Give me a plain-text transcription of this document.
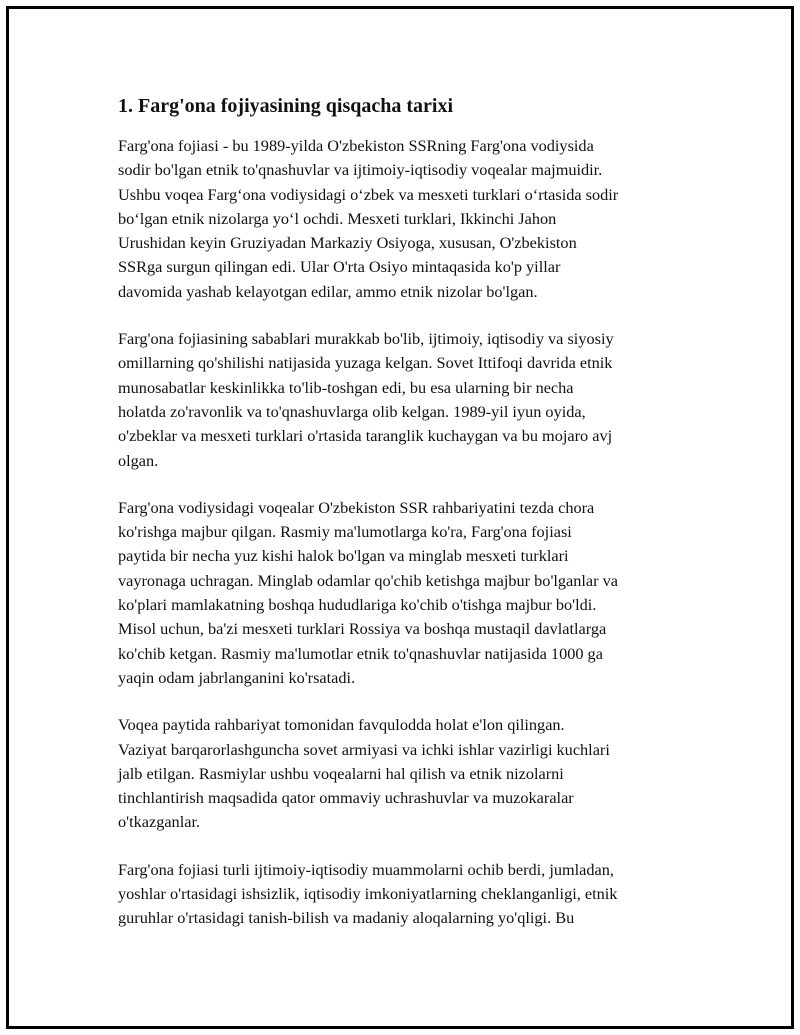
1. Farg'ona fojiyasining qisqacha tarixi
Farg'ona fojiasi - bu 1989-yilda O'zbekiston SSRning Farg'ona vodiysida
sodir bo'lgan etnik to'qnashuvlar va ijtimoiy-iqtisodiy voqealar majmuidir.
Ushbu voqea Farg‘ona vodiysidagi o‘zbek va mesxeti turklari o‘rtasida sodir
bo‘lgan etnik nizolarga yo‘l ochdi. Mesxeti turklari, Ikkinchi Jahon
Urushidan keyin Gruziyadan Markaziy Osiyoga, xususan, O'zbekiston
SSRga surgun qilingan edi. Ular O'rta Osiyo mintaqasida ko'p yillar
davomida yashab kelayotgan edilar, ammo etnik nizolar bo'lgan.
Farg'ona fojiasining sabablari murakkab bo'lib, ijtimoiy, iqtisodiy va siyosiy
omillarning qo'shilishi natijasida yuzaga kelgan. Sovet Ittifoqi davrida etnik
munosabatlar keskinlikka to'lib-toshgan edi, bu esa ularning bir necha
holatda zo'ravonlik va to'qnashuvlarga olib kelgan. 1989-yil iyun oyida,
o'zbeklar va mesxeti turklari o'rtasida taranglik kuchaygan va bu mojaro avj
olgan.
Farg'ona vodiysidagi voqealar O'zbekiston SSR rahbariyatini tezda chora
ko'rishga majbur qilgan. Rasmiy ma'lumotlarga ko'ra, Farg'ona fojiasi
paytida bir necha yuz kishi halok bo'lgan va minglab mesxeti turklari
vayronaga uchragan. Minglab odamlar qo'chib ketishga majbur bo'lganlar va
ko'plari mamlakatning boshqa hududlariga ko'chib o'tishga majbur bo'ldi.
Misol uchun, ba'zi mesxeti turklari Rossiya va boshqa mustaqil davlatlarga
ko'chib ketgan. Rasmiy ma'lumotlar etnik to'qnashuvlar natijasida 1000 ga
yaqin odam jabrlanganini ko'rsatadi.
Voqea paytida rahbariyat tomonidan favqulodda holat e'lon qilingan.
Vaziyat barqarorlashguncha sovet armiyasi va ichki ishlar vazirligi kuchlari
jalb etilgan. Rasmiylar ushbu voqealarni hal qilish va etnik nizolarni
tinchlantirish maqsadida qator ommaviy uchrashuvlar va muzokaralar
o'tkazganlar.
Farg'ona fojiasi turli ijtimoiy-iqtisodiy muammolarni ochib berdi, jumladan,
yoshlar o'rtasidagi ishsizlik, iqtisodiy imkoniyatlarning cheklanganligi, etnik
guruhlar o'rtasidagi tanish-bilish va madaniy aloqalarning yo'qligi. Bu
